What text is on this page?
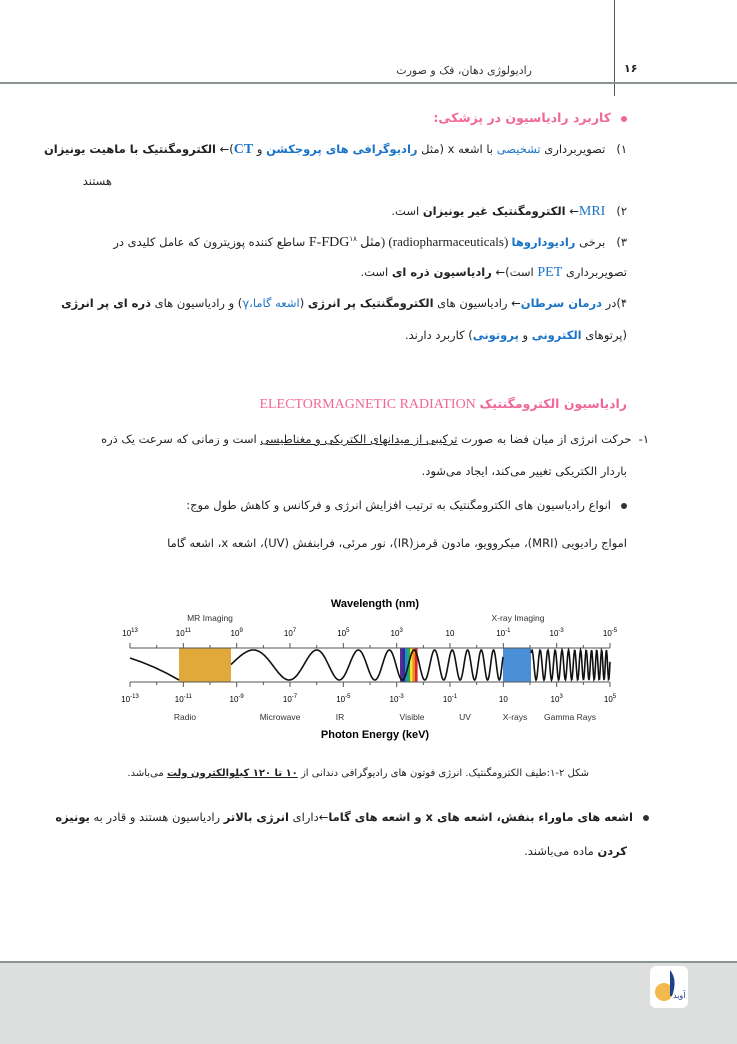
رادیولوژی دهان، فک و صورت	۱۶
کاربرد رادیاسیون در پزشکی:
۱)   تصویربرداری تشخیصی با اشعه x (مثل رادیوگرافی های پروجکشن و CT)← الکترومگنتیک با ماهیت یونیزان
هستند
۲)   MRI← الکترومگنتیک غیر یونیزان است.
۳)   برخی رادیوداروها (radiopharmaceuticals) (مثل F-FDG$^{۱۸}$ ساطع کننده پوزیترون که عامل کلیدی در
تصویربرداری PET است)← رادیاسیون ذره ای است.
۴)در درمان سرطان← رادیاسیون های الکترومگنتیک پر انرژی (اشعه گاما،γ) و رادیاسیون های ذره ای پر انرژی
(پرتوهای الکترونی و پروتونی) کاربرد دارند.
رادیاسیون الکترومگنتیک ELECTORMAGNETIC RADIATION
۱-  حرکت انرژی از میان فضا به صورت ترکیبی از میدانهای الکتریکی و مغناطیسی است و زمانی که سرعت یک ذره
باردار الکتریکی تغییر می‌کند، ایجاد می‌شود.
انواع رادیاسیون های الکترومگنتیک به ترتیب افزایش انرژی و فرکانس و کاهش طول موج:
امواج رادیویی (MRI)، میکروویو، مادون قرمز(IR)، نور مرئی، فرابنفش (UV)، اشعه x، اشعه گاما
Wavelength (nm)
Photon Energy (keV)
MR Imaging	X-ray Imaging
$10^{13}$	$10^{11}$	$10^9$	$10^7$	$10^5$	$10^3$	10	$10^{-1}$	$10^{-3}$	$10^{-5}$
$10^{-13}$	$10^{-11}$	$10^{-9}$	$10^{-7}$	$10^{-5}$	$10^{-3}$	$10^{-1}$	10	$10^3$	$10^5$
Radio	Microwave	IR	Visible	UV	X-rays Gamma Rays
شکل ۲-۱:طیف الکترومگنتیک. انرژی فوتون های رادیوگرافی دندانی از ۱۰ تا ۱۲۰ کیلوالکترون ولت می‌باشد.
اشعه های ماوراء بنفش، اشعه های x و اشعه های گاما←دارای انرژی بالاتر رادیاسیون هستند و قادر به یونیزه
کردن ماده می‌باشند.
آوید
